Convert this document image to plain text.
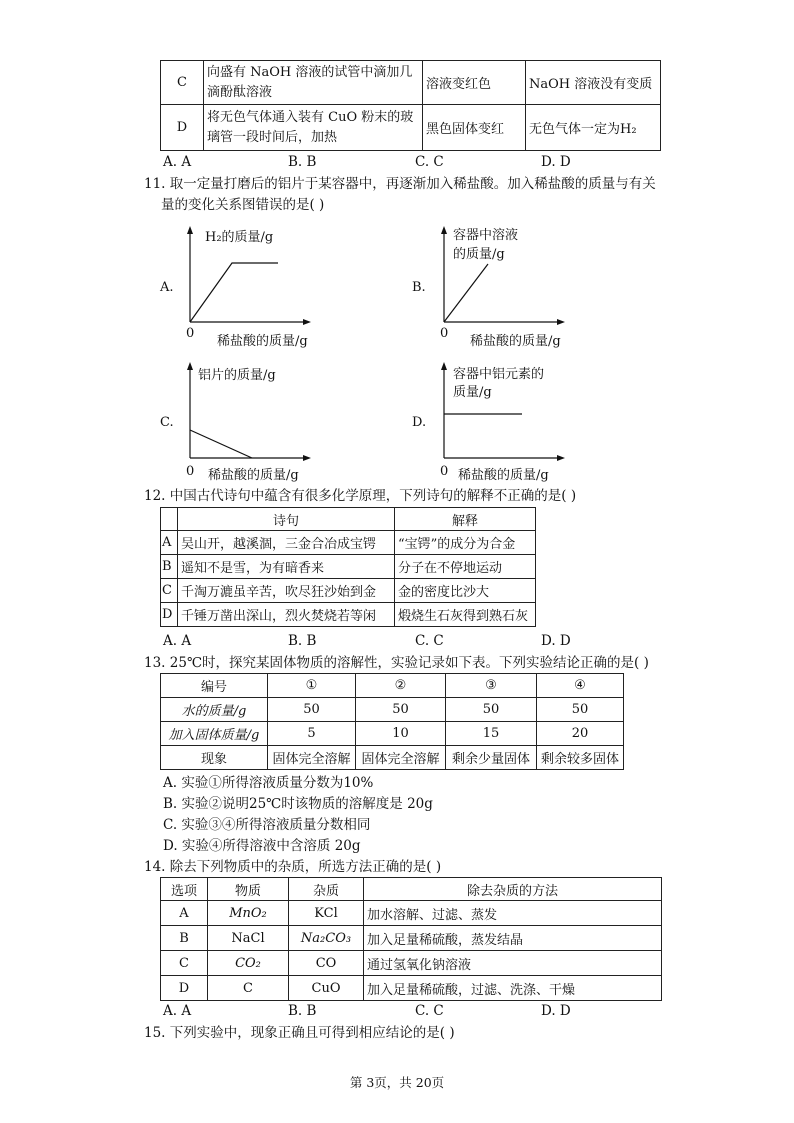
C	向盛有 NaOH 溶液的试管中滴加几
滴酚酞溶液	溶液变红色	NaOH 溶液没有变质
D	将无色气体通入装有 CuO 粉末的玻
璃管一段时间后，加热	黑色固体变红	无色气体一定为H₂
A. A	B. B	C. C	D. D
11. 取一定量打磨后的铝片于某容器中，再逐渐加入稀盐酸。加入稀盐酸的质量与有关
量的变化关系图错误的是( )
A.
H₂的质量/g
0
稀盐酸的质量/g
B.
容器中溶液
的质量/g
0
稀盐酸的质量/g
C.
铝片的质量/g
0 稀盐酸的质量/g
D.
容器中铝元素的
质量/g
0 稀盐酸的质量/g
12. 中国古代诗句中蕴含有很多化学原理，下列诗句的解释不正确的是( )
	诗句	解释
A	吴山开，越溪涸，三金合冶成宝锷	“宝锷”的成分为合金
B	遥知不是雪，为有暗香来	分子在不停地运动
C	千淘万漉虽辛苦，吹尽狂沙始到金	金的密度比沙大
D	千锤万凿出深山，烈火焚烧若等闲	煅烧生石灰得到熟石灰
A. A	B. B	C. C	D. D
13. 25℃时，探究某固体物质的溶解性，实验记录如下表。下列实验结论正确的是( )
编号	①	②	③	④
水的质量/g	50	50	50	50
加入固体质量/g	5	10	15	20
现象	固体完全溶解	固体完全溶解	剩余少量固体	剩余较多固体
A. 实验①所得溶液质量分数为10%
B. 实验②说明25℃时该物质的溶解度是 20g
C. 实验③④所得溶液质量分数相同
D. 实验④所得溶液中含溶质 20g
14. 除去下列物质中的杂质，所选方法正确的是( )
选项	物质	杂质	除去杂质的方法
A	MnO₂	KCl	加水溶解、过滤、蒸发
B	NaCl	Na₂CO₃	加入足量稀硫酸，蒸发结晶
C	CO₂	CO	通过氢氧化钠溶液
D	C	CuO	加入足量稀硫酸，过滤、洗涤、干燥
A. A	B. B	C. C	D. D
15. 下列实验中，现象正确且可得到相应结论的是( )
第 3页，共 20页
